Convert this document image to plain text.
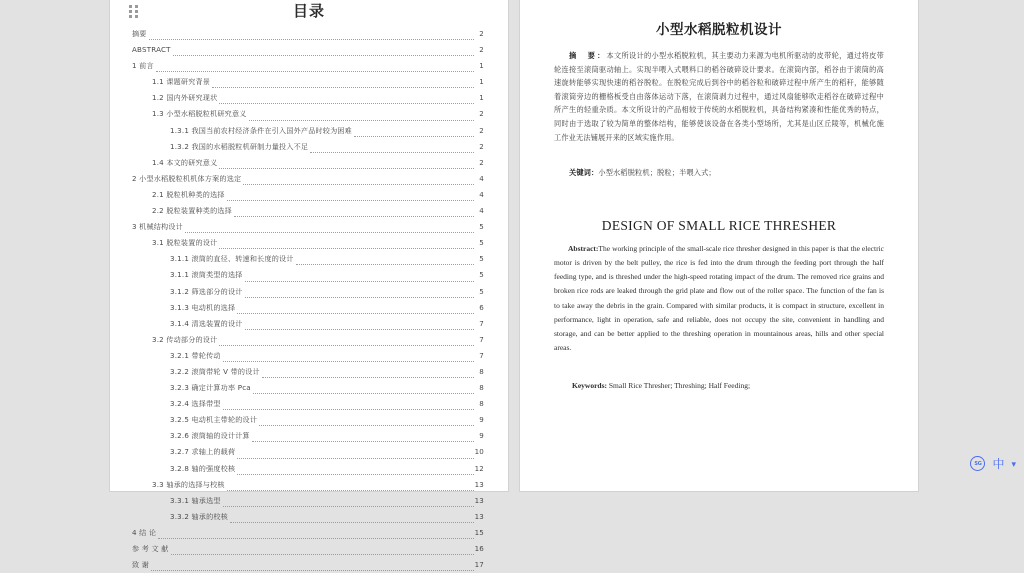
目录
摘要	2
ABSTRACT	2
1 前言	1
1.1 课题研究背景	1
1.2 国内外研究现状	1
1.3 小型水稻脱粒机研究意义	2
1.3.1 我国当前农村经济条件在引入国外产品时较为困难	2
1.3.2 我国的水稻脱粒机研制力量投入不足	2
1.4 本文的研究意义	2
2 小型水稻脱粒机机体方案的选定	4
2.1 脱粒机种类的选择	4
2.2 脱粒装置种类的选择	4
3 机械结构设计	5
3.1 脱粒装置的设计	5
3.1.1 滚筒的直径、转速和长度的设计	5
3.1.1 滚筒类型的选择	5
3.1.2 筛选部分的设计	5
3.1.3 电动机的选择	6
3.1.4 清选装置的设计	7
3.2 传动部分的设计	7
3.2.1 带轮传动	7
3.2.2 滚筒带轮 V 带的设计	8
3.2.3 确定计算功率 Pca	8
3.2.4 选择带型	8
3.2.5 电动机主带轮的设计	9
3.2.6 滚筒轴的设计计算	9
3.2.7 求轴上的载荷	10
3.2.8 轴的强度校核	12
3.3 轴承的选择与校核	13
3.3.1 轴承选型	13
3.3.2 轴承的校核	13
4 结 论	15
参 考 文 献	16
致 谢	17
小型水稻脱粒机设计

摘　要：本文所设计的小型水稻脱粒机，其主要动力来源为电机所驱动的皮带轮，通过将皮带轮连接至滚筒驱动轴上。实现半喂入式喂料口的稻谷破碎设计要求。在滚筒内部，稻谷由于滚筒的高速旋转能够实现快速的稻谷脱粒。在脱粒完成后到谷中的稻谷粒和破碎过程中所产生的稻秆，能够随着滚筒旁边的栅格板受自由落体运动下落，在滚筒剥力过程中，通过风扇能够吹走稻谷在破碎过程中所产生的轻重杂质。本文所设计的产品相较于传统的水稻脱粒机，具备结构紧凑和性能优秀的特点，同时由于选取了较为简单的整体结构，能够使该设备在各类小型场所，尤其是山区丘陵等，机械化施工作业无法铺展开来的区域实施作用。

关键词：小型水稻脱粒机；脱粒；半喂入式；

DESIGN OF SMALL RICE THRESHER

Abstract:The working principle of the small-scale rice thresher designed in this paper is that the electric motor is driven by the belt pulley, the rice is fed into the drum through the feeding port through the half feeding type, and is threshed under the high-speed rotating impact of the drum. The removed rice grains and broken rice rods are leaked through the grid plate and flow out of the roller space. The function of the fan is to take away the debris in the grain. Compared with similar products, it is compact in structure, excellent in performance, light in operation, safe and reliable, does not occupy the site, convenient in handling and storage, and can be better applied to the threshing operation in mountainous areas, hills and other special areas.

Keywords: Small Rice Thresher; Threshing; Half Feeding;

SG 中 ▾
